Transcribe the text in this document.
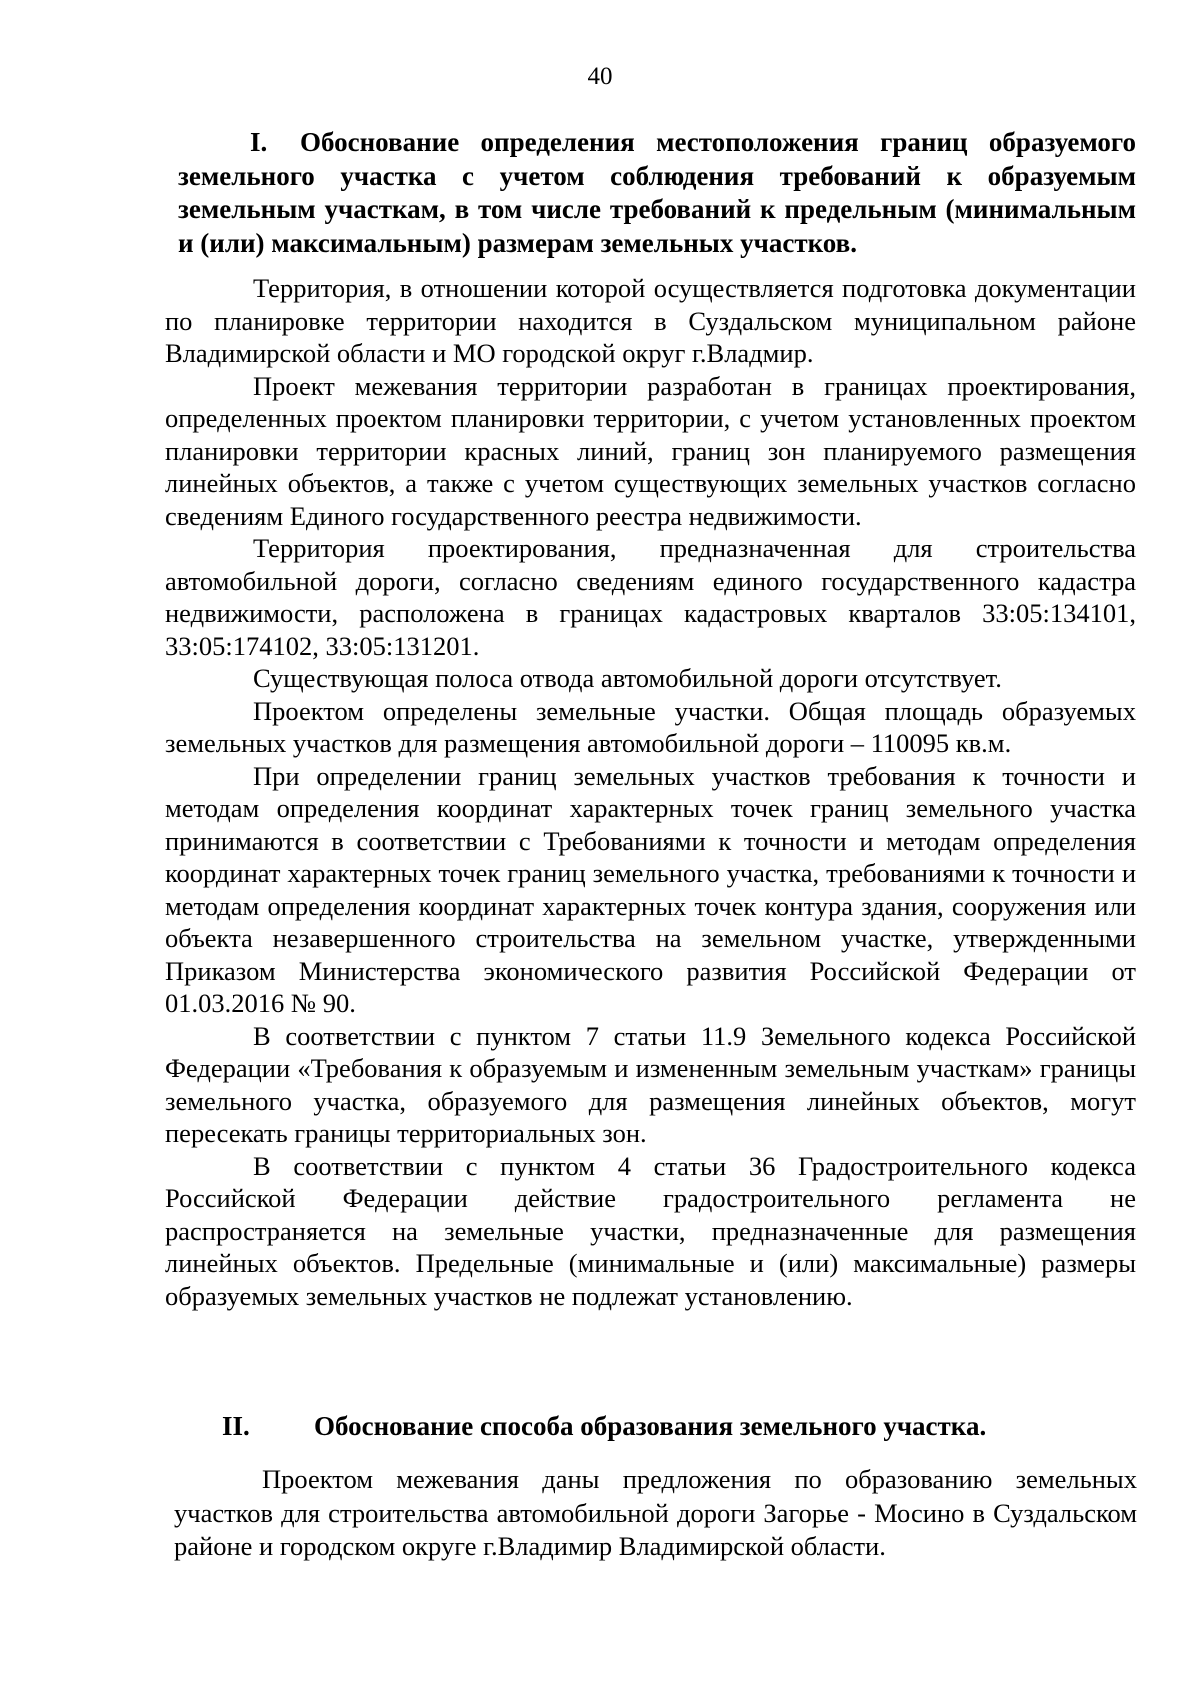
40
I. Обоснование определения местоположения границ образуемого земельного участка с учетом соблюдения требований к образуемым земельным участкам, в том числе требований к предельным (минимальным и (или) максимальным) размерам земельных участков.

Территория, в отношении которой осуществляется подготовка документации по планировке территории находится в Суздальском муниципальном районе Владимирской области и МО городской округ г.Владмир.

Проект межевания территории разработан в границах проектирования, определенных проектом планировки территории, с учетом установленных проектом планировки территории красных линий, границ зон планируемого размещения линейных объектов, а также с учетом существующих земельных участков согласно сведениям Единого государственного реестра недвижимости.

Территория проектирования, предназначенная для строительства автомобильной дороги, согласно сведениям единого государственного кадастра недвижимости, расположена в границах кадастровых кварталов 33:05:134101, 33:05:174102, 33:05:131201.

Существующая полоса отвода автомобильной дороги отсутствует.

Проектом определены земельные участки. Общая площадь образуемых земельных участков для размещения автомобильной дороги – 110095 кв.м.

При определении границ земельных участков требования к точности и методам определения координат характерных точек границ земельного участка принимаются в соответствии с Требованиями к точности и методам определения координат характерных точек границ земельного участка, требованиями к точности и методам определения координат характерных точек контура здания, сооружения или объекта незавершенного строительства на земельном участке, утвержденными Приказом Министерства экономического развития Российской Федерации от 01.03.2016 № 90.

В соответствии с пунктом 7 статьи 11.9 Земельного кодекса Российской Федерации «Требования к образуемым и измененным земельным участкам» границы земельного участка, образуемого для размещения линейных объектов, могут пересекать границы территориальных зон.

В соответствии с пунктом 4 статьи 36 Градостроительного кодекса Российской Федерации действие градостроительного регламента не распространяется на земельные участки, предназначенные для размещения линейных объектов. Предельные (минимальные и (или) максимальные) размеры образуемых земельных участков не подлежат установлению.

II. Обоснование способа образования земельного участка.

Проектом межевания даны предложения по образованию земельных участков для строительства автомобильной дороги Загорье - Мосино в Суздальском районе и городском округе г.Владимир Владимирской области.
